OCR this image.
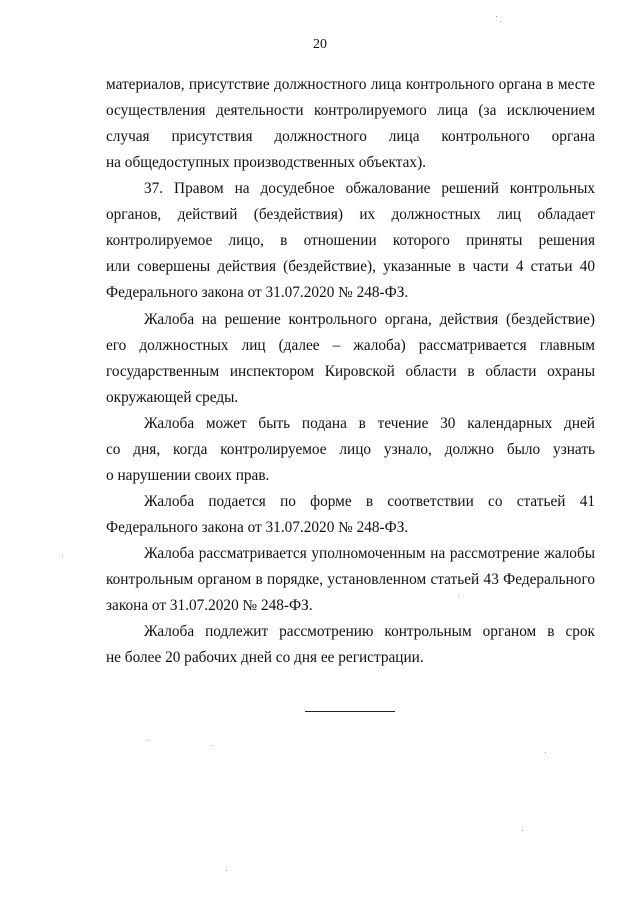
20
материалов, присутствие должностного лица контрольного органа в месте
осуществления деятельности контролируемого лица (за исключением
случая присутствия должностного лица контрольного органа
на общедоступных производственных объектах).
37. Правом на досудебное обжалование решений контрольных
органов, действий (бездействия) их должностных лиц обладает
контролируемое лицо, в отношении которого приняты решения
или совершены действия (бездействие), указанные в части 4 статьи 40
Федерального закона от 31.07.2020 № 248-ФЗ.
Жалоба на решение контрольного органа, действия (бездействие)
его должностных лиц (далее – жалоба) рассматривается главным
государственным инспектором Кировской области в области охраны
окружающей среды.
Жалоба может быть подана в течение 30 календарных дней
со дня, когда контролируемое лицо узнало, должно было узнать
о нарушении своих прав.
Жалоба подается по форме в соответствии со статьей 41
Федерального закона от 31.07.2020 № 248-ФЗ.
Жалоба рассматривается уполномоченным на рассмотрение жалобы
контрольным органом в порядке, установленном статьей 43 Федерального
закона от 31.07.2020 № 248-ФЗ.
Жалоба подлежит рассмотрению контрольным органом в срок
не более 20 рабочих дней со дня ее регистрации.
